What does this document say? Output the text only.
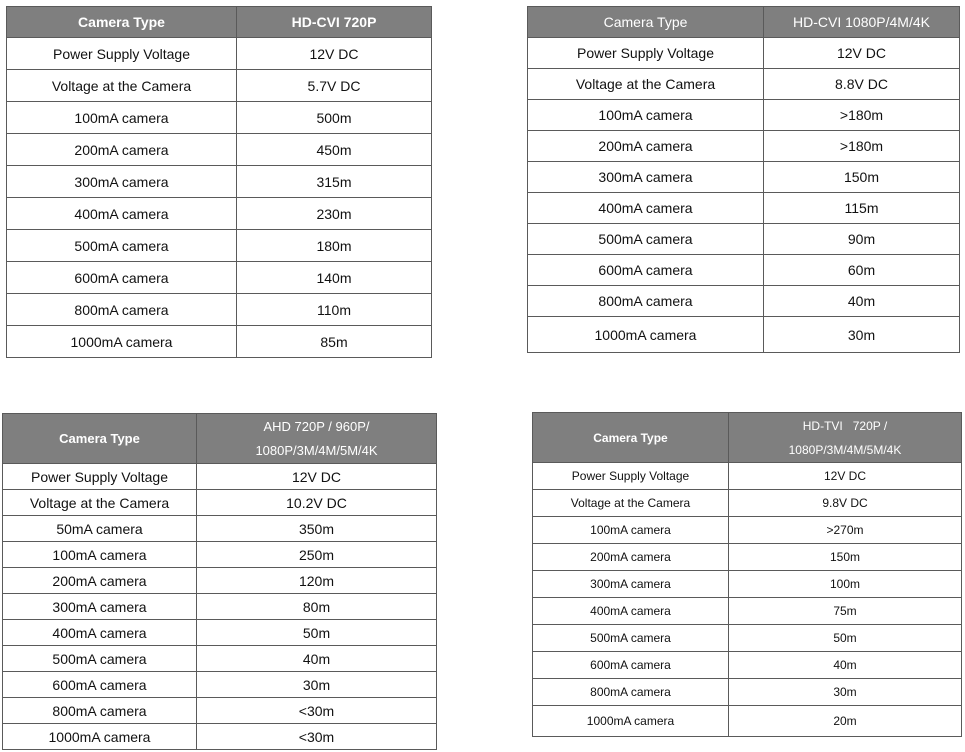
Camera Type	HD-CVI 720P
Power Supply Voltage	12V DC
Voltage at the Camera	5.7V DC
100mA camera	500m
200mA camera	450m
300mA camera	315m
400mA camera	230m
500mA camera	180m
600mA camera	140m
800mA camera	110m
1000mA camera	85m
Camera Type	HD-CVI 1080P/4M/4K
Power Supply Voltage	12V DC
Voltage at the Camera	8.8V DC
100mA camera	>180m
200mA camera	>180m
300mA camera	150m
400mA camera	115m
500mA camera	90m
600mA camera	60m
800mA camera	40m
1000mA camera	30m
Camera Type	AHD 720P / 960P/
1080P/3M/4M/5M/4K

Power Supply Voltage	12V DC
Voltage at the Camera	10.2V DC
50mA camera	350m
100mA camera	250m
200mA camera	120m
300mA camera	80m
400mA camera	50m
500mA camera	40m
600mA camera	30m
800mA camera	<30m
1000mA camera	<30m
Camera Type	HD-TVI   720P /
1080P/3M/4M/5M/4K

Power Supply Voltage	12V DC
Voltage at the Camera	9.8V DC
100mA camera	>270m
200mA camera	150m
300mA camera	100m
400mA camera	75m
500mA camera	50m
600mA camera	40m
800mA camera	30m
1000mA camera	20m
